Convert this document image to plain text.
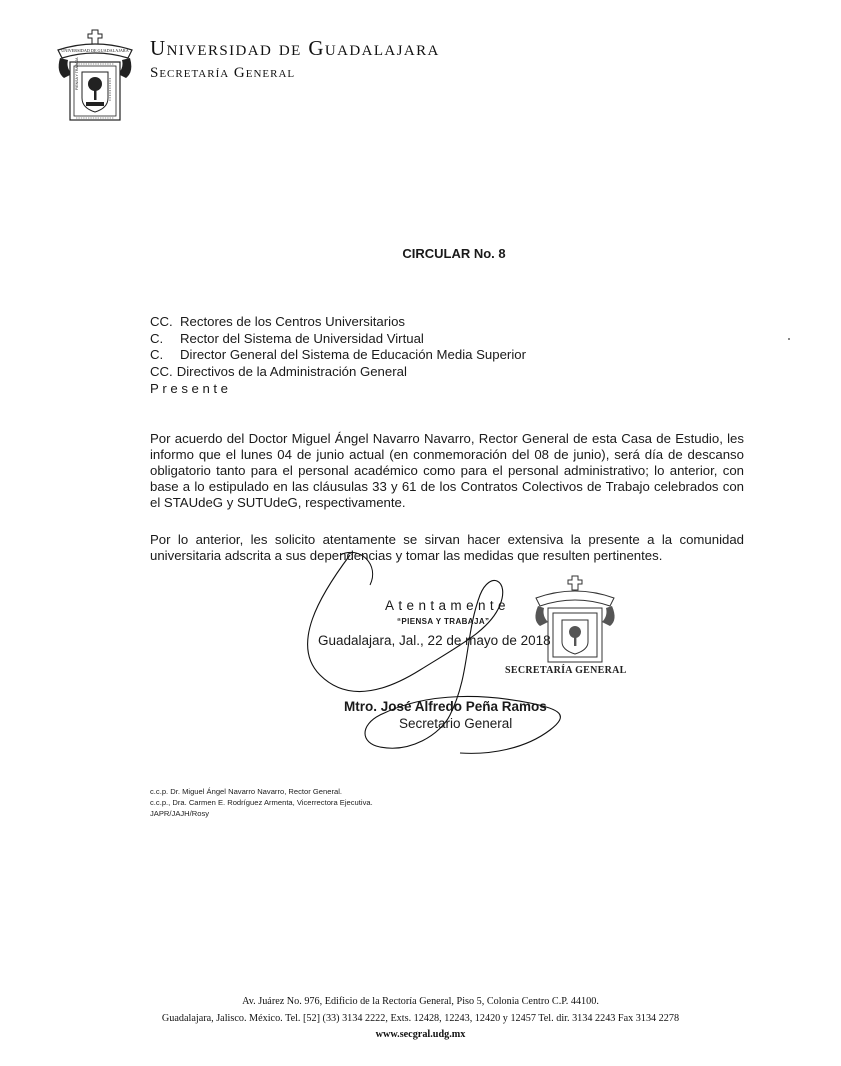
UNIVERSIDAD DE GUADALAJARA
PIENSA Y TRABAJA
Universidad de Guadalajara
Secretaría General
CIRCULAR No. 8
CC. Rectores de los Centros Universitarios
C. Rector del Sistema de Universidad Virtual
C. Director General del Sistema de Educación Media Superior
CC. Directivos de la Administración General
Presente
Por acuerdo del Doctor Miguel Ángel Navarro Navarro, Rector General de esta Casa de Estudio, les informo que el lunes 04 de junio actual (en conmemoración del 08 de junio), será día de descanso obligatorio tanto para el personal académico como para el personal administrativo; lo anterior, con base a lo estipulado en las cláusulas 33 y 61 de los Contratos Colectivos de Trabajo celebrados con el STAUdeG y SUTUdeG, respectivamente.
Por lo anterior, les solicito atentamente se sirvan hacer extensiva la presente a la comunidad universitaria adscrita a sus dependencias y tomar las medidas que resulten pertinentes.
SECRETARÍA GENERAL
Atentamente
“PIENSA Y TRABAJA”
Guadalajara, Jal., 22 de mayo de 2018
Mtro. José Alfredo Peña Ramos
Secretario General
c.c.p. Dr. Miguel Ángel Navarro Navarro, Rector General.
c.c.p., Dra. Carmen E. Rodríguez Armenta, Vicerrectora Ejecutiva.
JAPR/JAJH/Rosy
Av. Juárez No. 976, Edificio de la Rectoría General, Piso 5, Colonia Centro C.P. 44100.
Guadalajara, Jalisco. México. Tel. [52] (33) 3134 2222, Exts. 12428, 12243, 12420 y 12457 Tel. dir. 3134 2243 Fax 3134 2278
www.secgral.udg.mx
